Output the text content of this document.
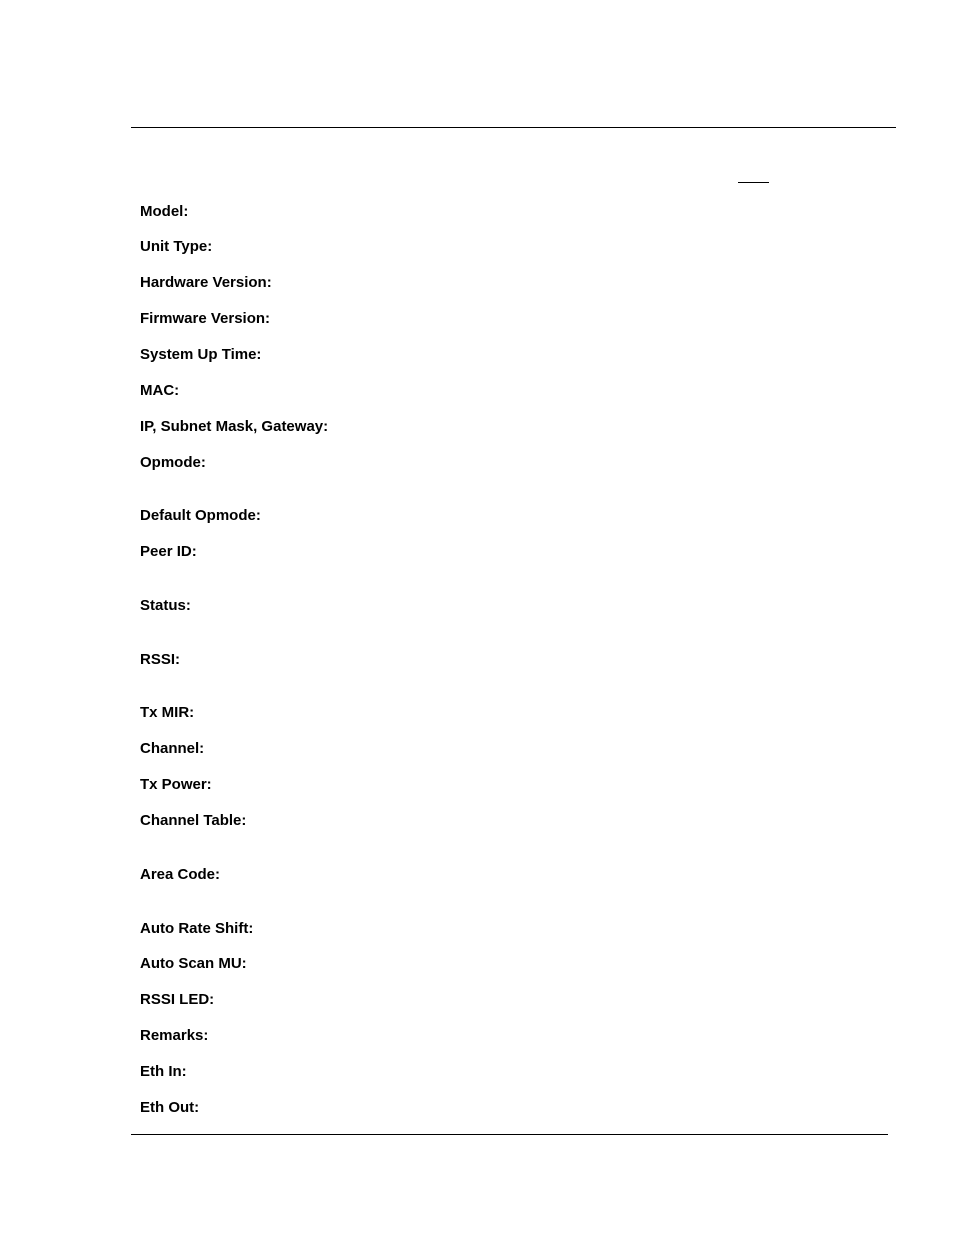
Model:
Unit Type:
Hardware Version:
Firmware Version:
System Up Time:
MAC:
IP, Subnet Mask, Gateway:
Opmode:
Default Opmode:
Peer ID:
Status:
RSSI:
Tx MIR:
Channel:
Tx Power:
Channel Table:
Area Code:
Auto Rate Shift:
Auto Scan MU:
RSSI LED:
Remarks:
Eth In:
Eth Out:
